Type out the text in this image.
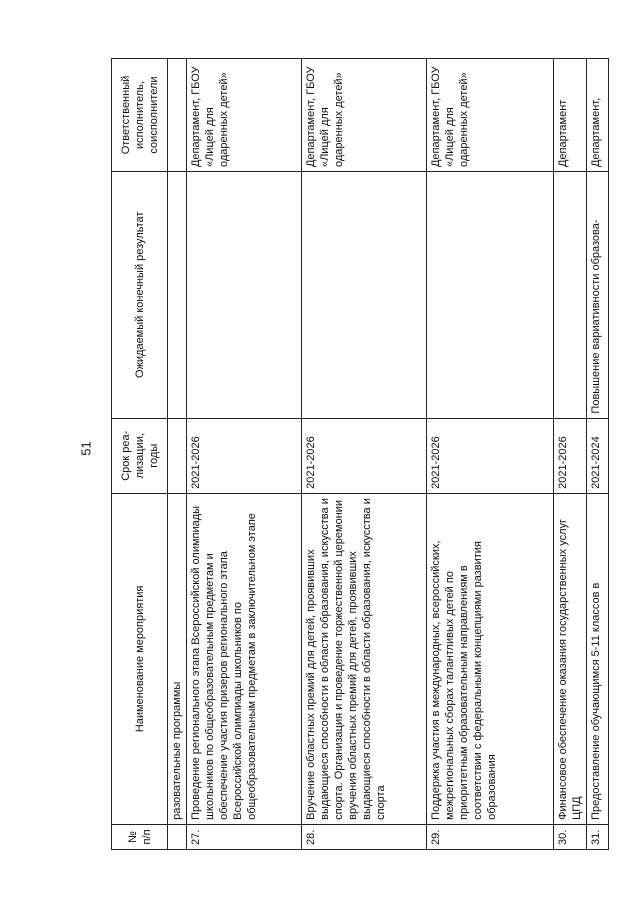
51
№ п/п	Наименование мероприятия	Срок реа-лизации, годы	Ожидаемый конечный результат	Ответственный исполнитель, соисполнители
	разовательные программы			
27.	Проведение регионального этапа Всероссийской олимпиады школьников по общеобразовательным предметам и обеспечение участия призеров регионального этапа Всероссийской олимпиады школьников по общеобразовательным предметам в заключительном этапе	2021-2026		Департамент, ГБОУ «Лицей для одаренных детей»
28.	Вручение областных премий для детей, проявивших выдающиеся способности в области образования, искусства и спорта. Организация и проведение торжественной церемонии вручения областных премий для детей, проявивших выдающиеся способности в области образования, искусства и спорта	2021-2026		Департамент, ГБОУ «Лицей для одаренных детей»
29.	Поддержка участия в международных, всероссийских, межрегиональных сборах талантливых детей по приоритетным образовательным направлениям в соответствии с федеральными концепциями развития образования	2021-2026		Департамент, ГБОУ «Лицей для одаренных детей»
30.	Финансовое обеспечение оказания государственных услуг ЦПД	2021-2026		Департамент
31.	Предоставление обучающимся 5-11 классов в	2021-2024	Повышение вариативности образова-	Департамент,
